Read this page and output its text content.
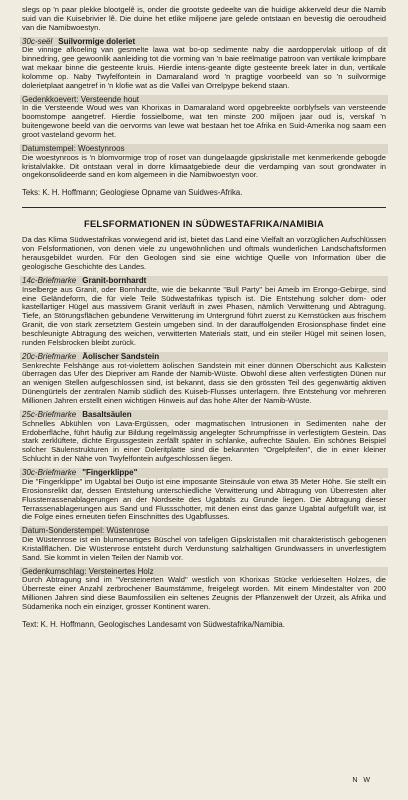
slegs op 'n paar plekke blootgelê is, onder die grootste gedeelte van die huidige akkerveld deur die Namib suid van die Kuisebrivier lê. Die duine het etlike miljoene jare gelede ontstaan en bevestig die oeroudheid van die Namibwoestyn.

30c-seël Suilvormige doleriet

Die vinnige afkoeling van gesmelte lawa wat bo-op sedimente naby die aardoppervlak uitloop of dit binnedring, gee gewoonlik aanleiding tot die vorming van 'n baie reëlmatige patroon van vertikale krimpbare wat mekaar binne die gesteente kruis. Hierdie intens-geante digte gesteente breek later in dun, vertikale kolomme op. Naby Twyfelfontein in Damaraland word 'n pragtige voorbeeld van so 'n suilvormige dolerietplaat aangetref in 'n klofie wat as die Vallei van Orrelpype bekend staan.

Gedenkkoevert: Versteende hout

In die Versteende Woud wes van Khorixas in Damaraland word opgebreekte oorblyfsels van versteende boomstompe aangetref. Hierdie fossielbome, wat ten minste 200 miljoen jaar oud is, verskaf 'n buitengewone beeld van die oervorms van lewe wat bestaan het toe Afrika en Suid-Amerika nog saam een groot vasteland gevorm het.

Datumstempel: Woestynroos

Die woestynroos is 'n blomvormige trop of roset van dungelaagde gipskristalle met kenmerkende gebogde kristalvlakke. Dit ontstaan veral in dorre klimaatgebiede deur die verdamping van sout grondwater in ongekonsolideerde sand en kom algemeen in die Namibwoestyn voor.

Teks: K. H. Hoffmann; Geologiese Opname van Suidwes-Afrika.
FELSFORMATIONEN IN SÜDWESTAFRIKA/NAMIBIA

Da das Klima Südwestafrikas vorwiegend arid ist, bietet das Land eine Vielfalt an vorzüglichen Aufschlüssen von Felsformationen, von denen viele zu ungewöhnlichen und oftmals wunderlichen Landschaftsformen herausgebildet wurden. Für den Geologen sind sie eine wichtige Quelle von Information über die geologische Geschichte des Landes.

14c-Briefmarke Granit-bornhardt

Inselberge aus Granit, oder Bornhardte, wie die bekannte "Bull Party" bei Ameib im Erongo-Gebirge, sind eine Geländeform, die für viele Teile Südwestafrikas typisch ist. Die Entstehung solcher dom- oder kastellartiger Hügel aus massivem Granit verläuft in zwei Phasen, nämlich Verwitterung und Abtragung. Tiefe, an Störungsflächen gebundene Verwitterung im Untergrund führt zuerst zu Kernstücken aus frischem Granit, die von stark zersetztem Gestein umgeben sind. In der darauffolgenden Erosionsphase findet eine beschleunigte Abtragung des weichen, verwitterten Materials statt, und ein steiler Hügel mit seinen losen, runden Felsbrocken bleibt zurück.

20c-Briefmarke Äolischer Sandstein

Senkrechte Felshänge aus rot-violettem äolischen Sandstein mit einer dünnen Oberschicht aus Kalkstein überragen das Ufer des Diepriver am Rande der Namib-Wüste. Obwohl diese alten verfestigten Dünen nur an wenigen Stellen aufgeschlossen sind, ist bekannt, dass sie den grössten Teil des gegenwärtig aktiven Dünengürtels der zentralen Namib südlich des Kuiseb-Flusses unterlagern. Ihre Entstehung vor mehreren Millionen Jahren erstellt einen wichtigen Hinweis auf das hohe Alter der Namib-Wüste.

25c-Briefmarke Basaltsäulen

Schnelles Abkühlen von Lava-Ergüssen, oder magmatischen Intrusionen in Sedimenten nahe der Erdoberfläche, führt häufig zur Bildung regelmässig angelegter Schrumpfrisse in verfestigtem Gestein. Das stark zerklüftete, dichte Ergussgestein zerfällt später in schlanke, aufrechte Säulen. Ein schönes Beispiel solcher Säulenstrukturen in einer Doleritplatte sind die bekannten "Orgelpfeifen", die in einer kleiner Schlucht in der Nähe von Twyfelfontein aufgeschlossen liegen.

30c-Briefmarke "Fingerklippe"

Die "Fingerklippe" im Ugabtal bei Outjo ist eine imposante Steinsäule von etwa 35 Meter Höhe. Sie stellt ein Erosionsrelikt dar, dessen Entstehung unterschiedliche Verwitterung und Abtragung von Überresten alter Flussterrassenablagerungen an der Nordseite des Ugabtals zu Grunde liegen. Die Abtragung dieser Terrassenablagerungen aus Sand und Flussschotter, mit denen einst das ganze Ugabtal aufgefüllt war, ist die Folge eines erneuten tiefen Einschnittes des Ugabflusses.

Datum-Sonderstempel: Wüstenrose

Die Wüstenrose ist ein blumenartiges Büschel von tafeligen Gipskristallen mit charakteristisch gebogenen Kristallflächen. Die Wüstenrose entsteht durch Verdunstung salzhaltigen Grundwassers in unverfestigtem Sand. Sie kommt in vielen Teilen der Namib vor.

Gedenkumschlag: Versteinertes Holz

Durch Abtragung sind im "Versteinerten Wald" westlich von Khorixas Stücke verkieselten Holzes, die Überreste einer Anzahl zerbrochener Baumstämme, freigelegt worden. Mit einem Mindestalter von 200 Millionen Jahren sind diese Baumfossilien ein seltenes Zeugnis der Pflanzenwelt der Urzeit, als Afrika und Südamerika noch ein einziger, grosser Kontinent waren.

Text: K. H. Hoffmann, Geologisches Landesamt von Südwestafrika/Namibia.
N W
